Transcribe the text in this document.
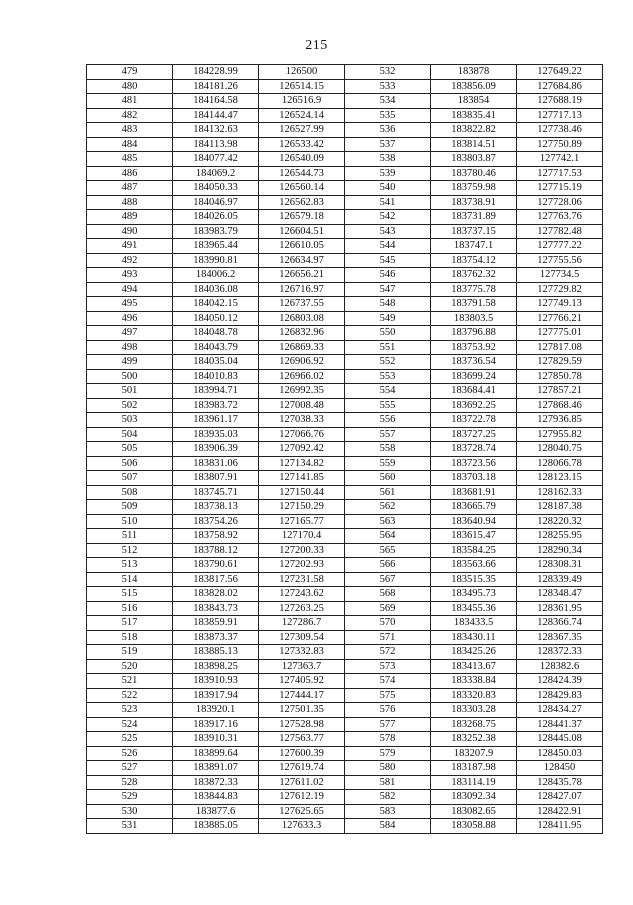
215
479	184228.99	126500	532	183878	127649.22
480	184181.26	126514.15	533	183856.09	127684.86
481	184164.58	126516.9	534	183854	127688.19
482	184144.47	126524.14	535	183835.41	127717.13
483	184132.63	126527.99	536	183822.82	127738.46
484	184113.98	126533.42	537	183814.51	127750.89
485	184077.42	126540.09	538	183803.87	127742.1
486	184069.2	126544.73	539	183780.46	127717.53
487	184050.33	126560.14	540	183759.98	127715.19
488	184046.97	126562.83	541	183738.91	127728.06
489	184026.05	126579.18	542	183731.89	127763.76
490	183983.79	126604.51	543	183737.15	127782.48
491	183965.44	126610.05	544	183747.1	127777.22
492	183990.81	126634.97	545	183754.12	127755.56
493	184006.2	126656.21	546	183762.32	127734.5
494	184036.08	126716.97	547	183775.78	127729.82
495	184042.15	126737.55	548	183791.58	127749.13
496	184050.12	126803.08	549	183803.5	127766.21
497	184048.78	126832.96	550	183796.88	127775.01
498	184043.79	126869.33	551	183753.92	127817.08
499	184035.04	126906.92	552	183736.54	127829.59
500	184010.83	126966.02	553	183699.24	127850.78
501	183994.71	126992.35	554	183684.41	127857.21
502	183983.72	127008.48	555	183692.25	127868.46
503	183961.17	127038.33	556	183722.78	127936.85
504	183935.03	127066.76	557	183727.25	127955.82
505	183906.39	127092.42	558	183728.74	128040.75
506	183831.06	127134.82	559	183723.56	128066.78
507	183807.91	127141.85	560	183703.18	128123.15
508	183745.71	127150.44	561	183681.91	128162.33
509	183738.13	127150.29	562	183665.79	128187.38
510	183754.26	127165.77	563	183640.94	128220.32
511	183758.92	127170.4	564	183615.47	128255.95
512	183788.12	127200.33	565	183584.25	128290.34
513	183790.61	127202.93	566	183563.66	128308.31
514	183817.56	127231.58	567	183515.35	128339.49
515	183828.02	127243.62	568	183495.73	128348.47
516	183843.73	127263.25	569	183455.36	128361.95
517	183859.91	127286.7	570	183433.5	128366.74
518	183873.37	127309.54	571	183430.11	128367.35
519	183885.13	127332.83	572	183425.26	128372.33
520	183898.25	127363.7	573	183413.67	128382.6
521	183910.93	127405.92	574	183338.84	128424.39
522	183917.94	127444.17	575	183320.83	128429.83
523	183920.1	127501.35	576	183303.28	128434.27
524	183917.16	127528.98	577	183268.75	128441.37
525	183910.31	127563.77	578	183252.38	128445.08
526	183899.64	127600.39	579	183207.9	128450.03
527	183891.07	127619.74	580	183187.98	128450
528	183872.33	127611.02	581	183114.19	128435.78
529	183844.83	127612.19	582	183092.34	128427.07
530	183877.6	127625.65	583	183082.65	128422.91
531	183885.05	127633.3	584	183058.88	128411.95
